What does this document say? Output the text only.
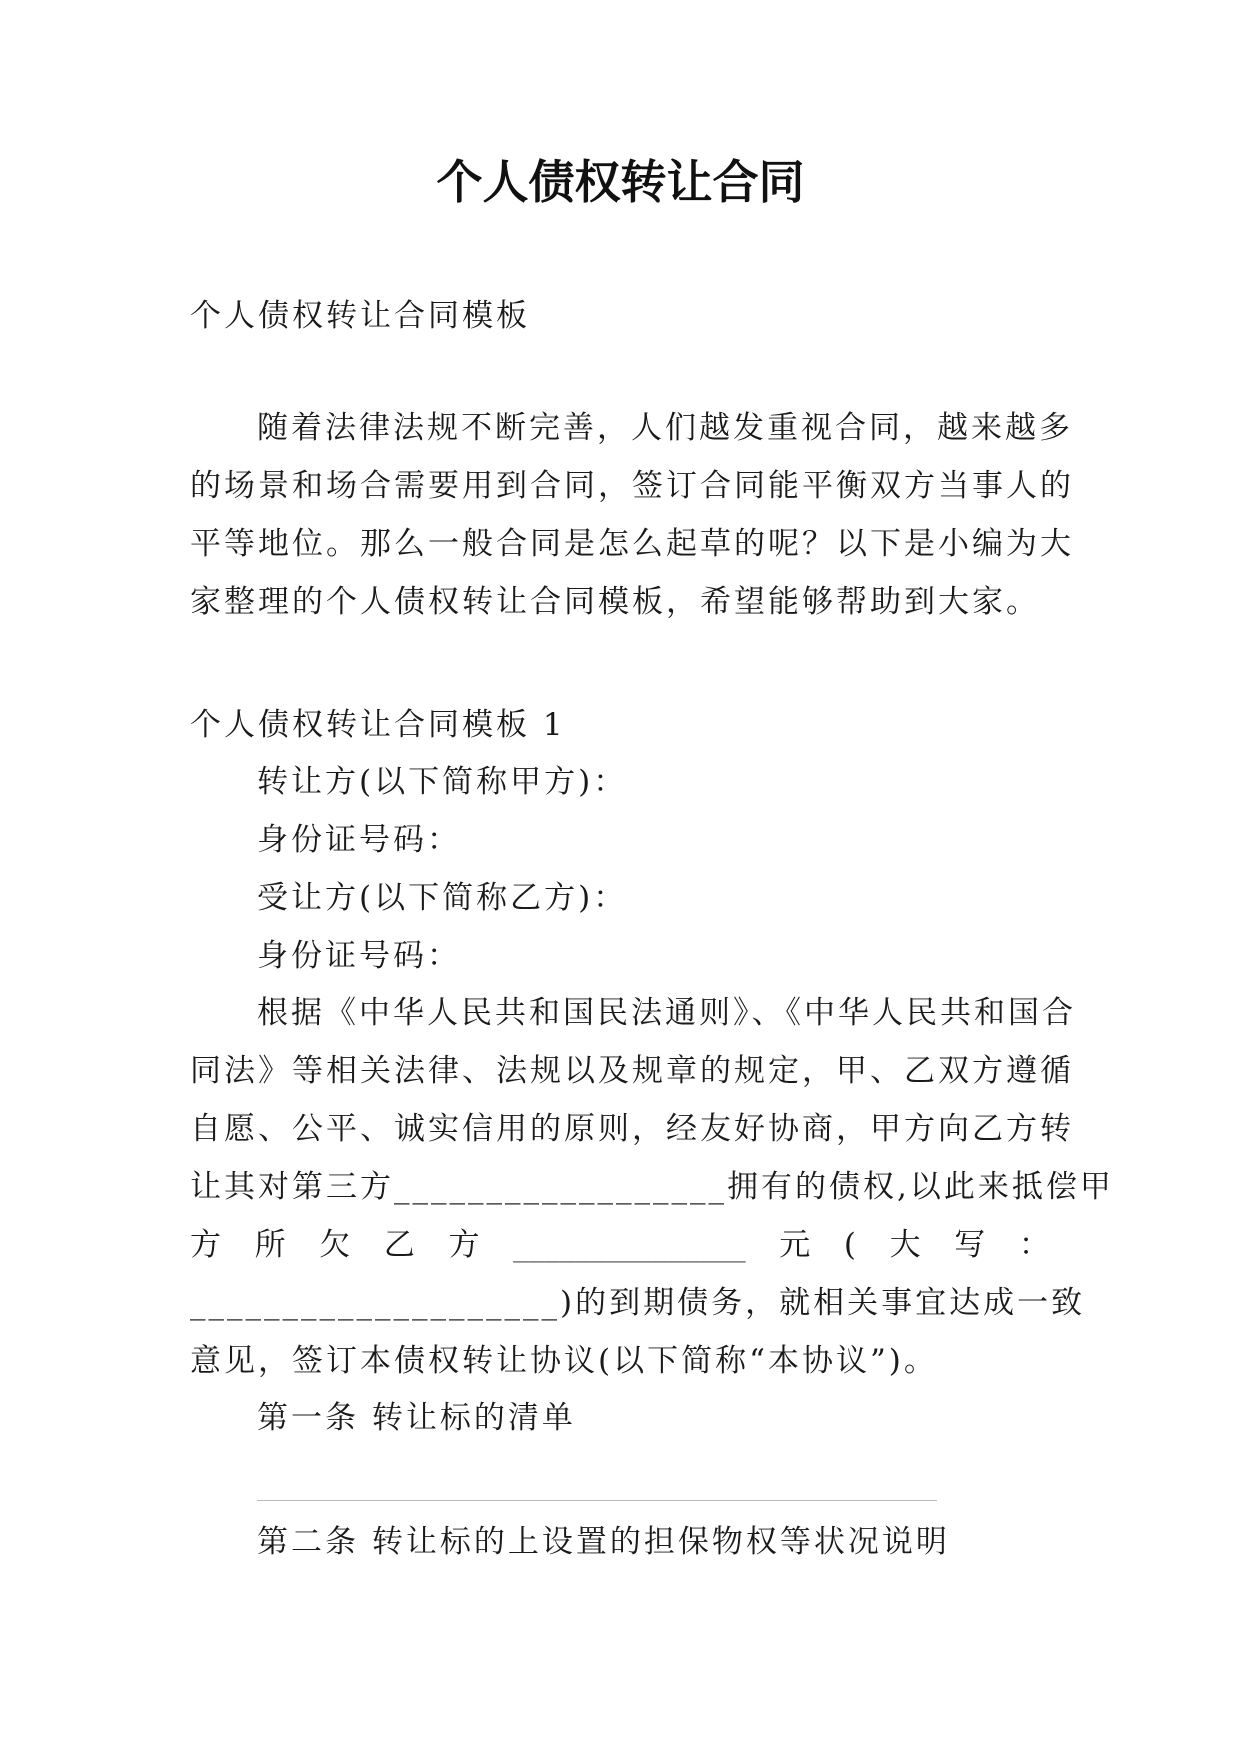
个人债权转让合同
个人债权转让合同模板
随着法律法规不断完善，人们越发重视合同，越来越多
的场景和场合需要用到合同，签订合同能平衡双方当事人的
平等地位。那么一般合同是怎么起草的呢？以下是小编为大
家整理的个人债权转让合同模板，希望能够帮助到大家。
个人债权转让合同模板 1
转让方(以下简称甲方)：
身份证号码：
受让方(以下简称乙方)：
身份证号码：
根据《中华人民共和国民法通则》、《中华人民共和国合
同法》等相关法律、法规以及规章的规定，甲、乙双方遵循
自愿、公平、诚实信用的原则，经友好协商，甲方向乙方转
让其对第三方__________________拥有的债权,以此来抵偿甲
方 所 欠 乙 方 _______________ 元 ( 大 写 ：
____________________)的到期债务，就相关事宜达成一致
意见，签订本债权转让协议(以下简称“本协议”)。
第一条 转让标的清单
第二条 转让标的上设置的担保物权等状况说明
